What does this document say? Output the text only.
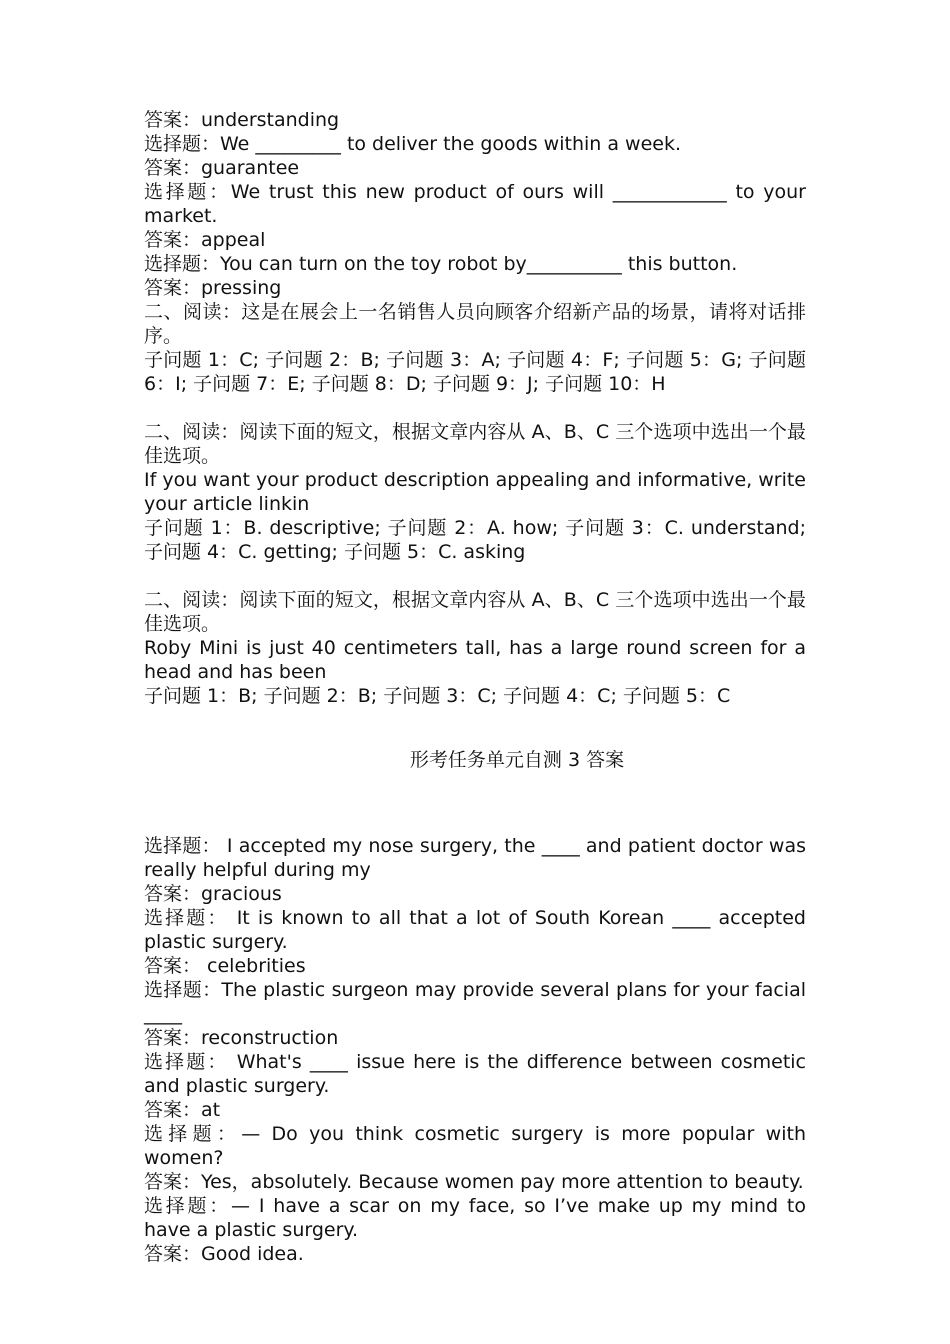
答案：understanding
选择题：We _________ to deliver the goods within a week.
答案：guarantee
选择题：We trust this new product of ours will ____________ to your market.
答案：appeal
选择题：You can turn on the toy robot by__________ this button.
答案：pressing
二、阅读：这是在展会上一名销售人员向顾客介绍新产品的场景，请将对话排序。
子问题 1：C; 子问题 2：B; 子问题 3：A; 子问题 4：F; 子问题 5：G; 子问题 6：I; 子问题 7：E; 子问题 8：D; 子问题 9：J; 子问题 10：H
二、阅读：阅读下面的短文，根据文章内容从 A、B、C 三个选项中选出一个最佳选项。
If you want your product description appealing and informative, write your article linkin
子问题 1：B. descriptive; 子问题 2：A. how; 子问题 3：C. understand; 子问题 4：C. getting; 子问题 5：C. asking
二、阅读：阅读下面的短文，根据文章内容从 A、B、C 三个选项中选出一个最佳选项。
Roby Mini is just 40 centimeters tall, has a large round screen for a head and has been
子问题 1：B; 子问题 2：B; 子问题 3：C; 子问题 4：C; 子问题 5：C
形考任务单元自测 3 答案
选择题： I accepted my nose surgery, the ____ and patient doctor was really helpful during my
答案：gracious
选择题： It is known to all that a lot of South Korean ____ accepted plastic surgery.
答案： celebrities
选择题：The plastic surgeon may provide several plans for your facial ____
答案：reconstruction
选择题： What's ____ issue here is the difference between cosmetic and plastic surgery.
答案：at
选择题：— Do you think cosmetic surgery is more popular with women?
答案：Yes，absolutely. Because women pay more attention to beauty.
选择题：— I have a scar on my face, so I’ve make up my mind to have a plastic surgery.
答案：Good idea.
